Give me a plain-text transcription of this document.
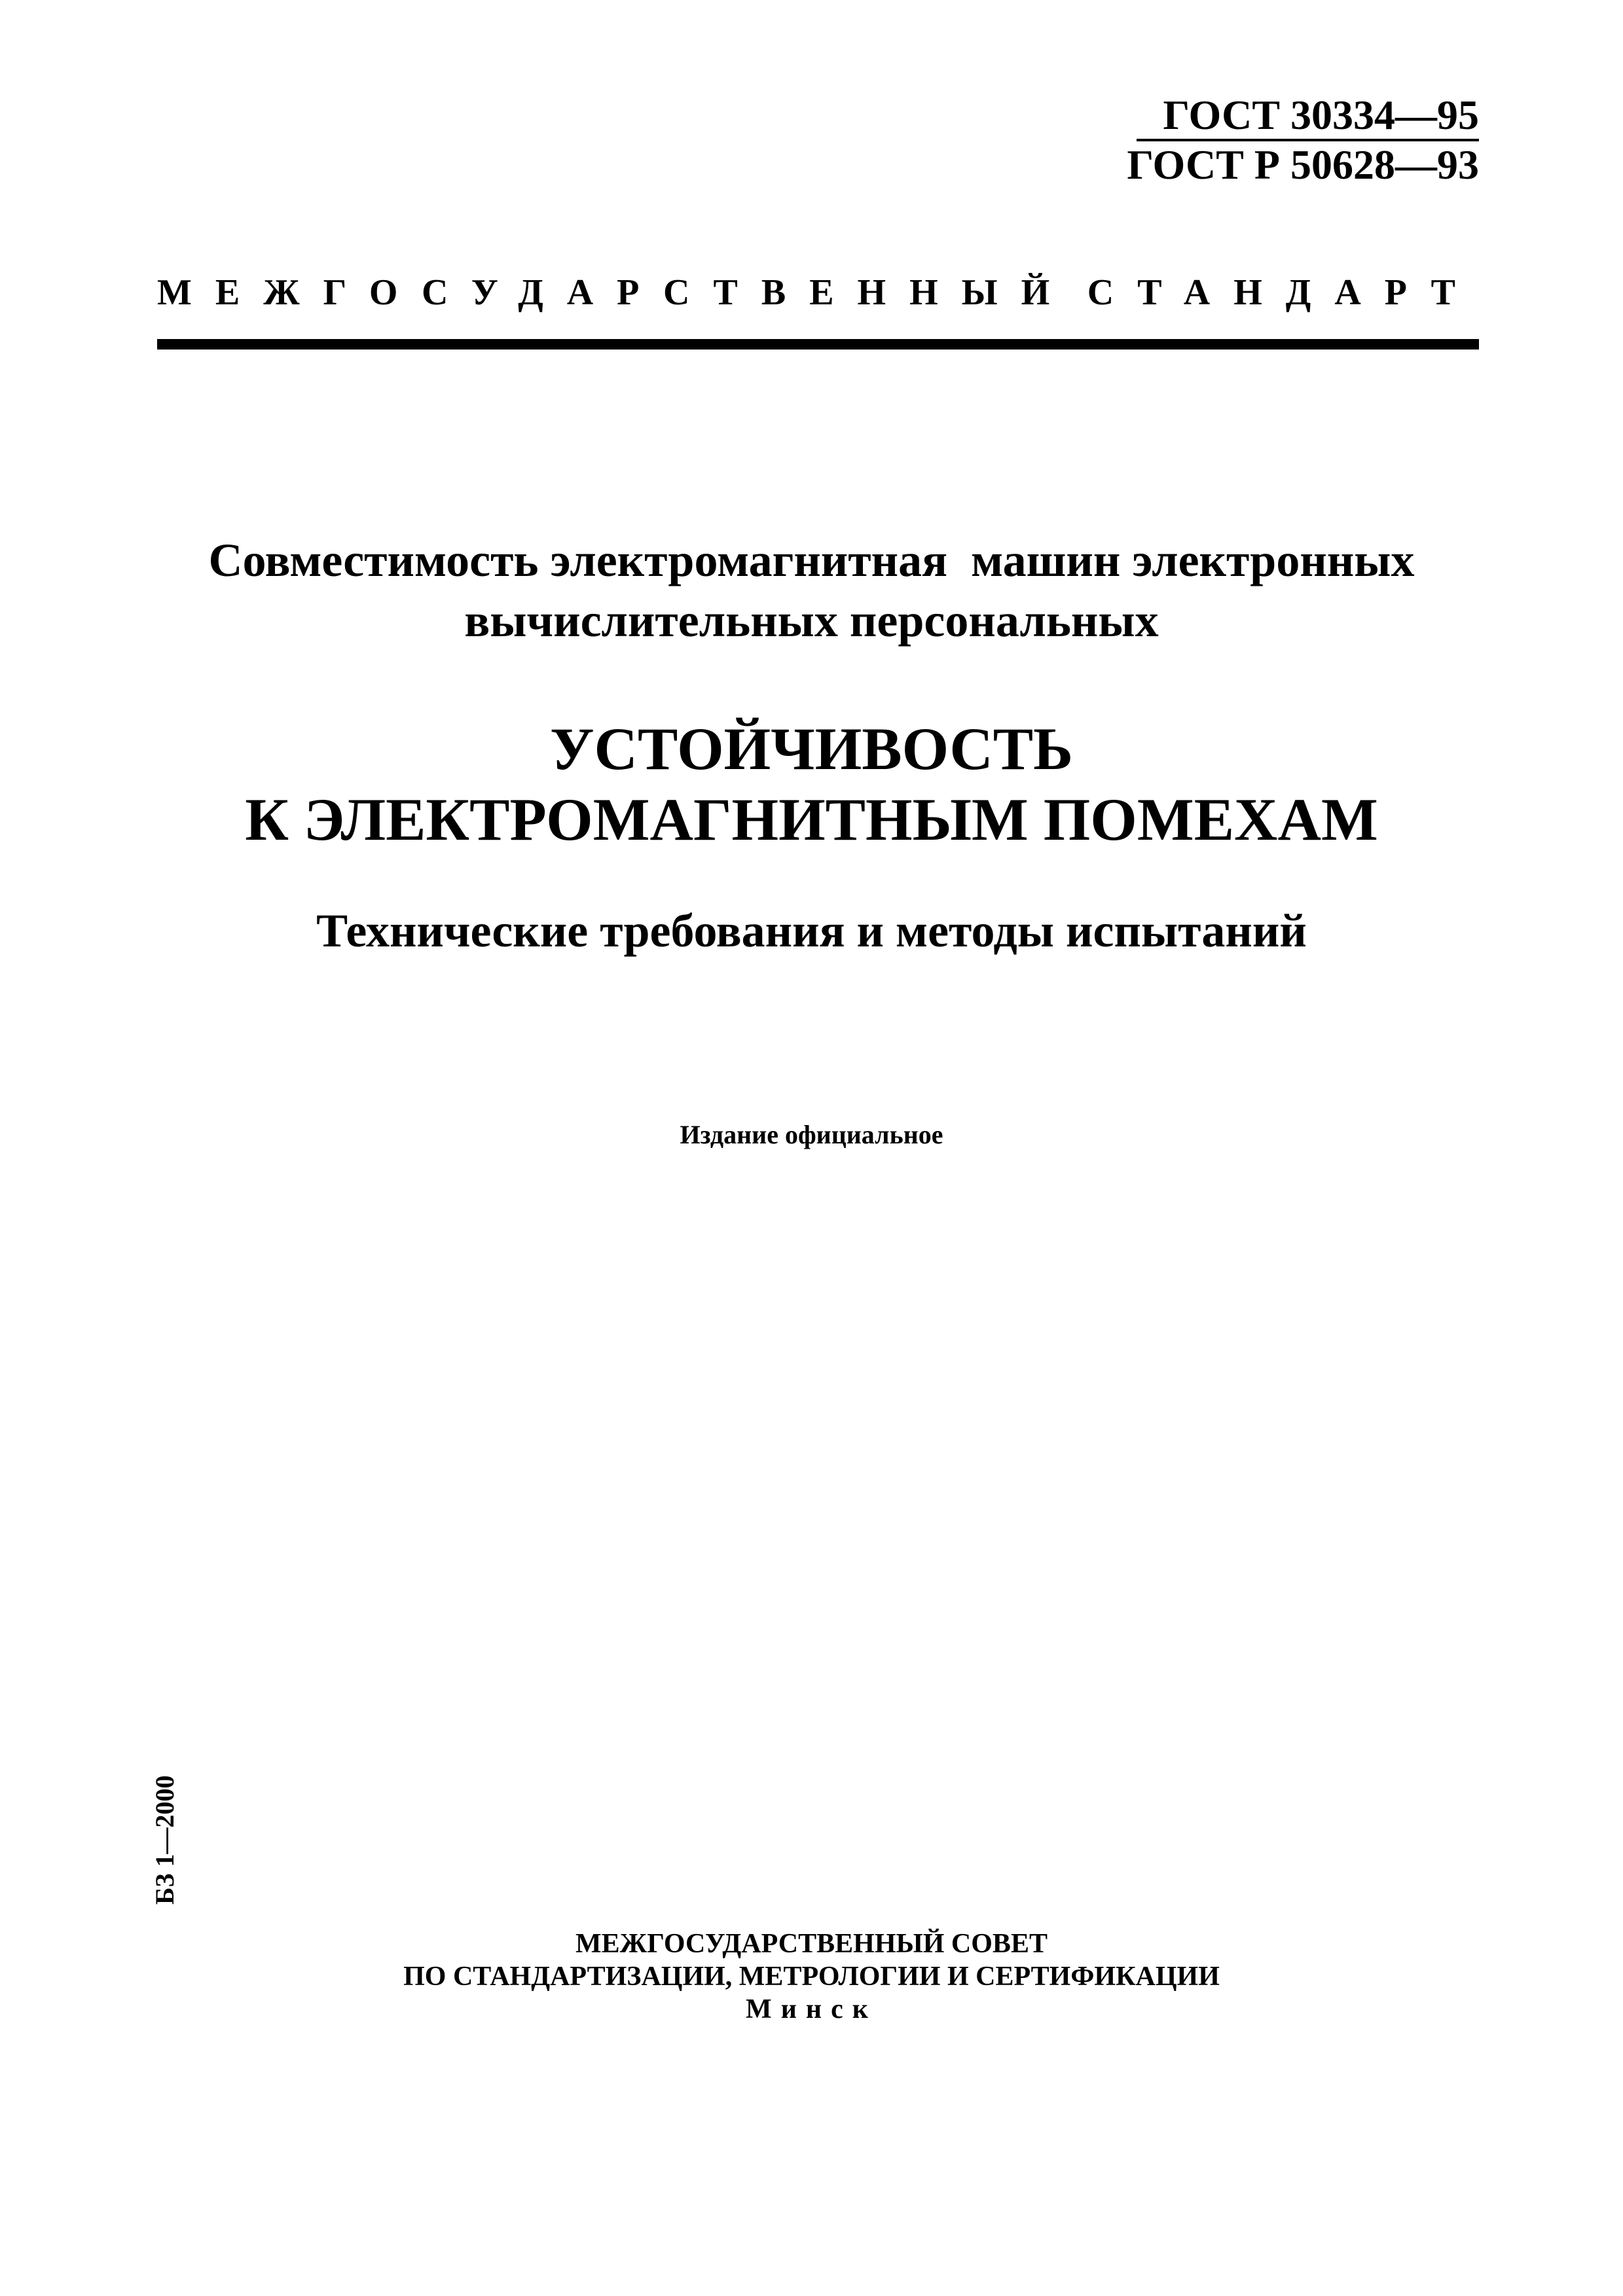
ГОСТ 30334—95
ГОСТ Р 50628—93
МЕЖГОСУДАРСТВЕННЫЙ СТАНДАРТ
Совместимость электромагнитная  машин электронных
вычислительных персональных
УСТОЙЧИВОСТЬ
К ЭЛЕКТРОМАГНИТНЫМ ПОМЕХАМ
Технические требования и методы испытаний
Издание официальное
БЗ 1—2000
МЕЖГОСУДАРСТВЕННЫЙ СОВЕТ
ПО СТАНДАРТИЗАЦИИ, МЕТРОЛОГИИ И СЕРТИФИКАЦИИ
Минск
